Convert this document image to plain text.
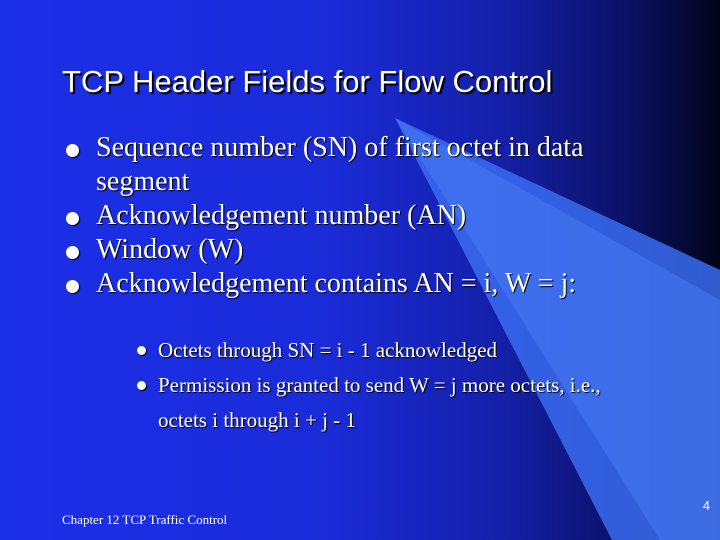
TCP Header Fields for Flow Control
Sequence number (SN) of first octet in data segment
Acknowledgement number (AN)
Window (W)
Acknowledgement contains AN = i, W = j:
Octets through SN = i - 1 acknowledged
Permission is granted to send W = j more octets, i.e., octets i through i + j - 1
Chapter 12 TCP Traffic Control
4
